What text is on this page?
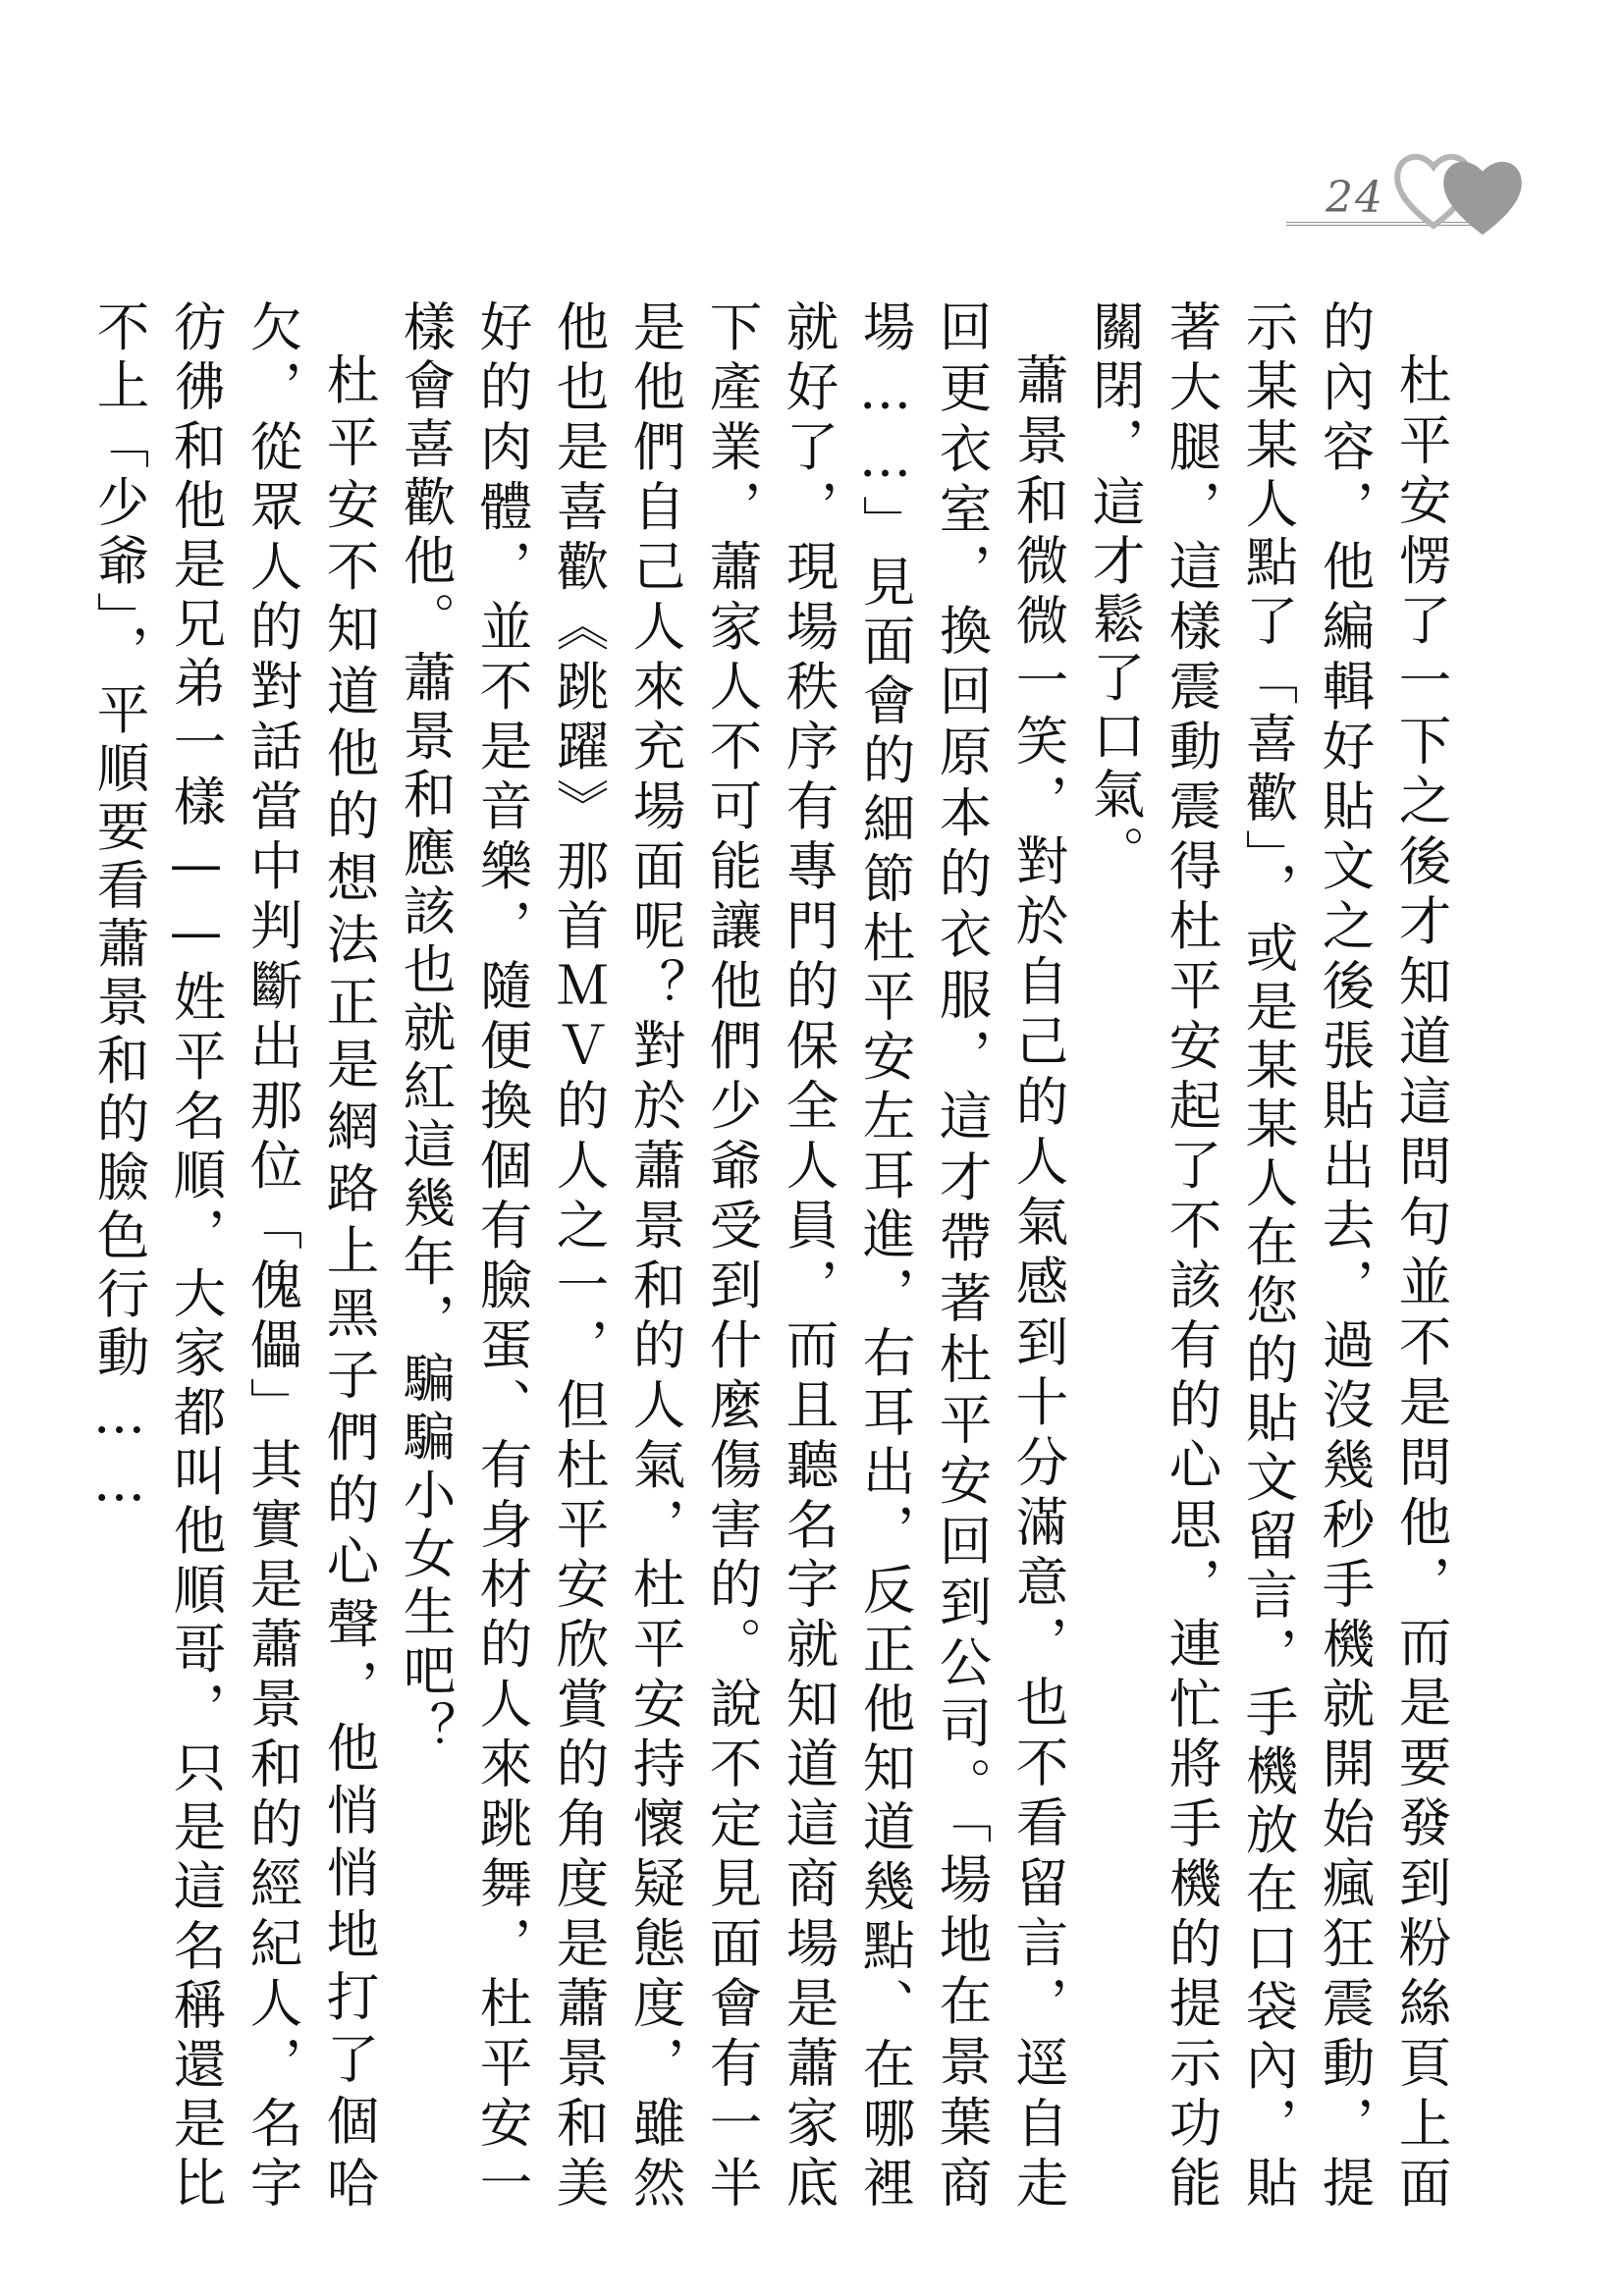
24

杜平安愣了一下之後才知道這問句並不是問他，而是要發到粉絲頁上面的內容，他編輯好貼文之後張貼出去，過沒幾秒手機就開始瘋狂震動，提示某某人點了「喜歡」，或是某某人在您的貼文留言，手機放在口袋內，貼著大腿，這樣震動震得杜平安起了不該有的心思，連忙將手機的提示功能關閉，這才鬆了口氣。

蕭景和微微一笑，對於自己的人氣感到十分滿意，也不看留言，逕自走回更衣室，換回原本的衣服，這才帶著杜平安回到公司。「場地在景葉商場……」見面會的細節杜平安左耳進，右耳出，反正他知道幾點、在哪裡就好了，現場秩序有專門的保全人員，而且聽名字就知道這商場是蕭家底下產業，蕭家人不可能讓他們少爺受到什麼傷害的。說不定見面會有一半是他們自己人來充場面呢？對於蕭景和的人氣，杜平安持懷疑態度，雖然他也是喜歡《跳躍》那首ＭＶ的人之一，但杜平安欣賞的角度是蕭景和美好的肉體，並不是音樂，隨便換個有臉蛋、有身材的人來跳舞，杜平安一樣會喜歡他。蕭景和應該也就紅這幾年，騙騙小女生吧？

杜平安不知道他的想法正是網路上黑子們的心聲，他悄悄地打了個哈欠，從眾人的對話當中判斷出那位「傀儡」其實是蕭景和的經紀人，名字彷彿和他是兄弟一樣——姓平名順，大家都叫他順哥，只是這名稱還是比不上「少爺」，平順要看蕭景和的臉色行動……
